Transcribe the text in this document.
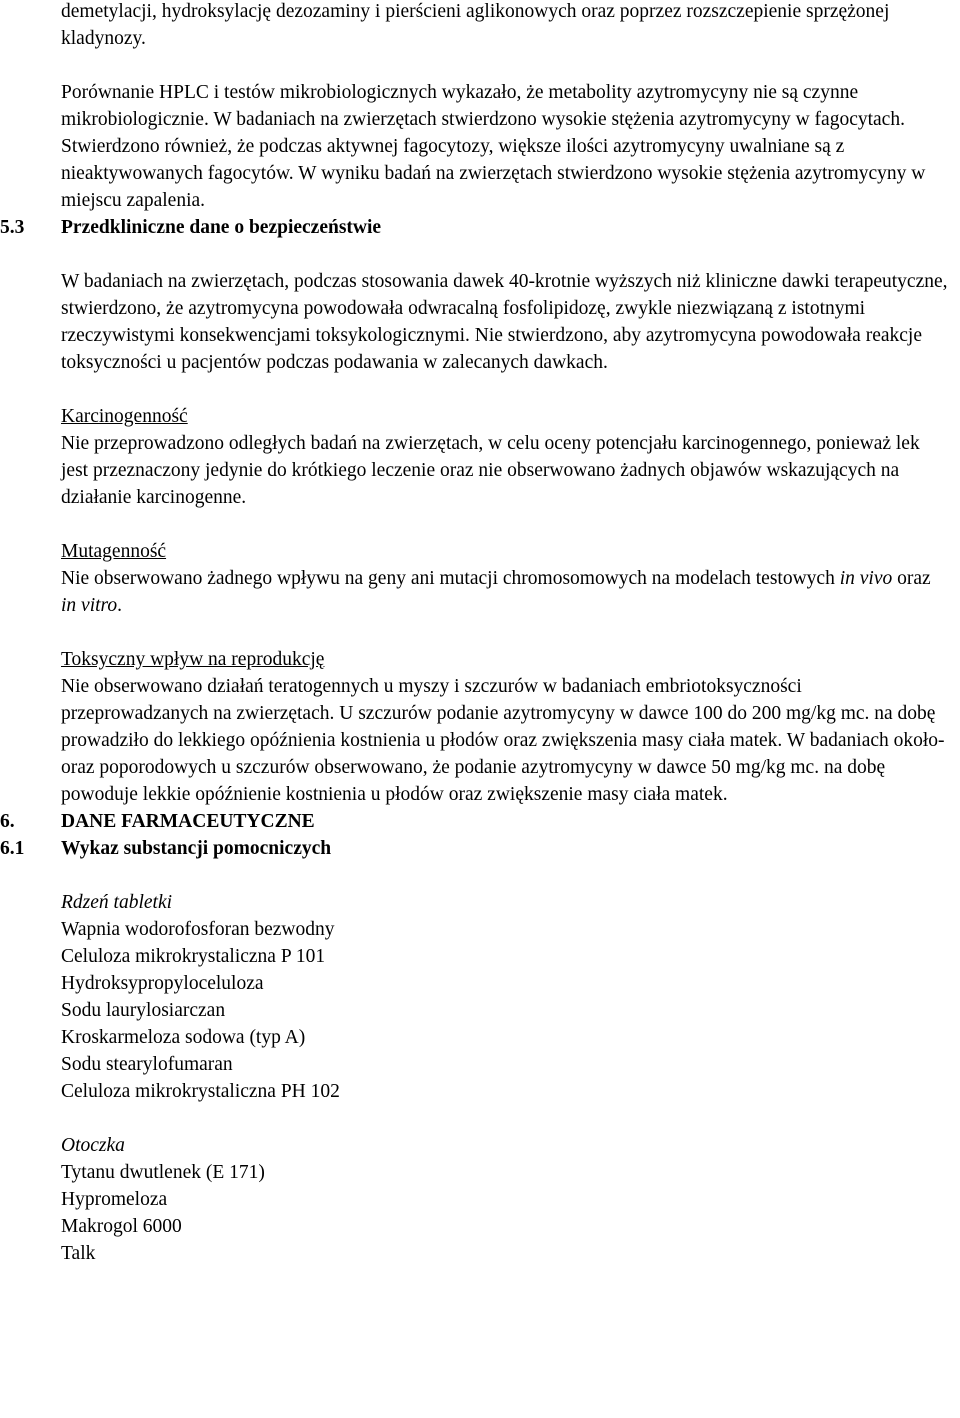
demetylacji, hydroksylację dezozaminy i pierścieni aglikonowych oraz poprzez rozszczepienie sprzężonej kladynozy.

Porównanie HPLC i testów mikrobiologicznych wykazało, że metabolity azytromycyny nie są czynne mikrobiologicznie. W badaniach na zwierzętach stwierdzono wysokie stężenia azytromycyny w fagocytach. Stwierdzono również, że podczas aktywnej fagocytozy, większe ilości azytromycyny uwalniane są z nieaktywowanych fagocytów. W wyniku badań na zwierzętach stwierdzono wysokie stężenia azytromycyny w miejscu zapalenia.

5.3	Przedkliniczne dane o bezpieczeństwie

W badaniach na zwierzętach, podczas stosowania dawek 40-krotnie wyższych niż kliniczne dawki terapeutyczne, stwierdzono, że azytromycyna powodowała odwracalną fosfolipidozę, zwykle niezwiązaną z istotnymi rzeczywistymi konsekwencjami toksykologicznymi. Nie stwierdzono, aby azytromycyna powodowała reakcje toksyczności u pacjentów podczas podawania w zalecanych dawkach.

Karcinogenność

Nie przeprowadzono odległych badań na zwierzętach, w celu oceny potencjału karcinogennego, ponieważ lek jest przeznaczony jedynie do krótkiego leczenie oraz nie obserwowano żadnych objawów wskazujących na działanie karcinogenne.

Mutagenność

Nie obserwowano żadnego wpływu na geny ani mutacji chromosomowych na modelach testowych in vivo oraz in vitro.

Toksyczny wpływ na reprodukcję

Nie obserwowano działań teratogennych u myszy i szczurów w badaniach embriotoksyczności przeprowadzanych na zwierzętach. U szczurów podanie azytromycyny w dawce 100 do 200 mg/kg mc. na dobę prowadziło do lekkiego opóźnienia kostnienia u płodów oraz zwiększenia masy ciała matek. W badaniach około- oraz poporodowych u szczurów obserwowano, że podanie azytromycyny w dawce 50 mg/kg mc. na dobę powoduje lekkie opóźnienie kostnienia u płodów oraz zwiększenie masy ciała matek.

6.	DANE FARMACEUTYCZNE
6.1	Wykaz substancji pomocniczych

Rdzeń tabletki

Wapnia wodorofosforan bezwodny
Celuloza mikrokrystaliczna P 101
Hydroksypropyloceluloza
Sodu laurylosiarczan
Kroskarmeloza sodowa (typ A)
Sodu stearylofumaran
Celuloza mikrokrystaliczna PH 102

Otoczka

Tytanu dwutlenek (E 171)
Hypromeloza
Makrogol 6000
Talk
